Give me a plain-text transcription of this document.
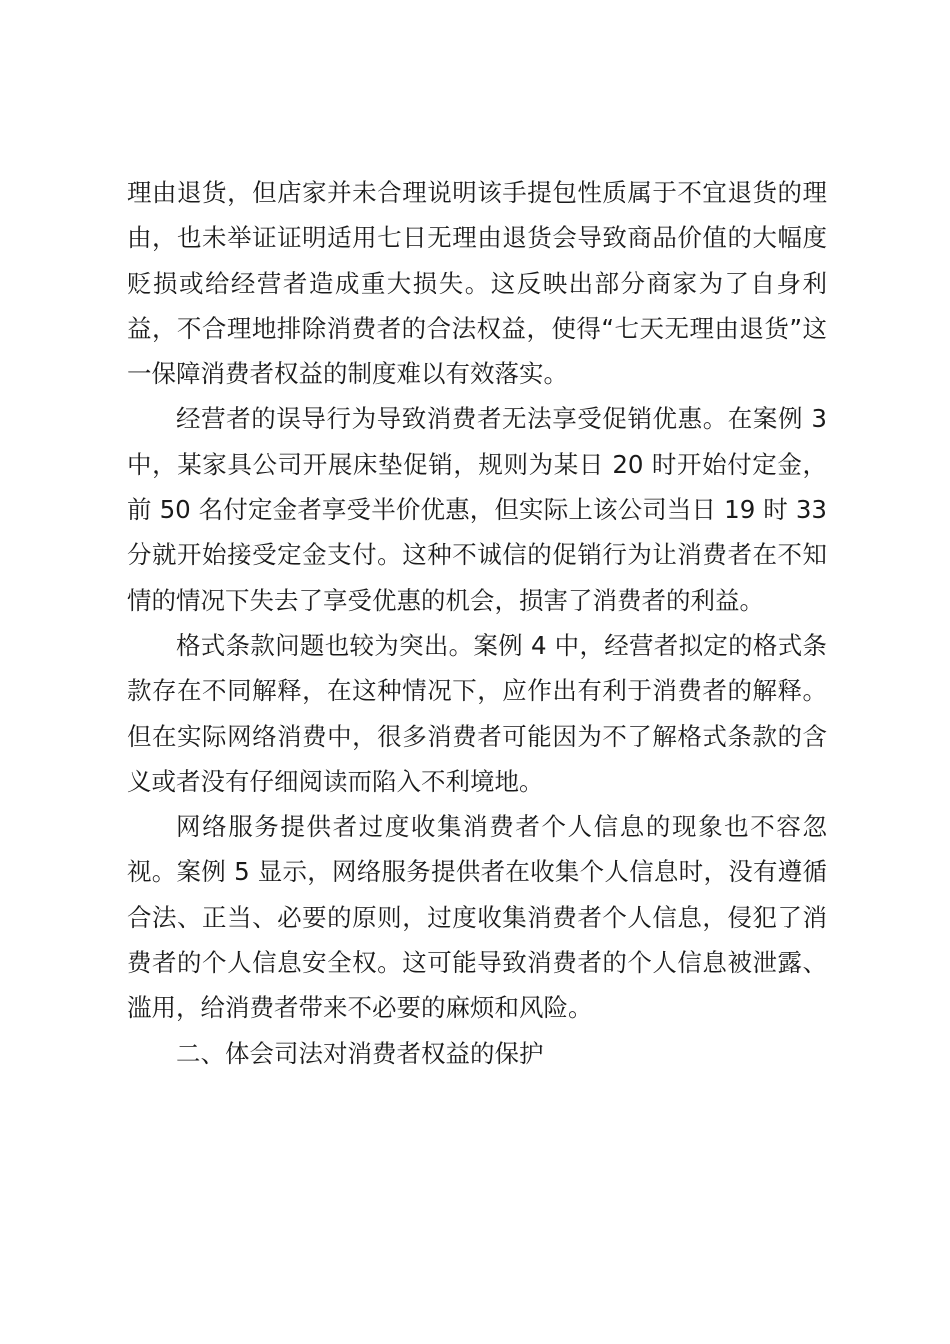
理由退货，但店家并未合理说明该手提包性质属于不宜退货的理由，也未举证证明适用七日无理由退货会导致商品价值的大幅度贬损或给经营者造成重大损失。这反映出部分商家为了自身利益，不合理地排除消费者的合法权益，使得“七天无理由退货”这一保障消费者权益的制度难以有效落实。

经营者的误导行为导致消费者无法享受促销优惠。在案例 3 中，某家具公司开展床垫促销，规则为某日 20 时开始付定金，前 50 名付定金者享受半价优惠，但实际上该公司当日 19 时 33 分就开始接受定金支付。这种不诚信的促销行为让消费者在不知情的情况下失去了享受优惠的机会，损害了消费者的利益。

格式条款问题也较为突出。案例 4 中，经营者拟定的格式条款存在不同解释，在这种情况下，应作出有利于消费者的解释。但在实际网络消费中，很多消费者可能因为不了解格式条款的含义或者没有仔细阅读而陷入不利境地。

网络服务提供者过度收集消费者个人信息的现象也不容忽视。案例 5 显示，网络服务提供者在收集个人信息时，没有遵循合法、正当、必要的原则，过度收集消费者个人信息，侵犯了消费者的个人信息安全权。这可能导致消费者的个人信息被泄露、滥用，给消费者带来不必要的麻烦和风险。

二、体会司法对消费者权益的保护
